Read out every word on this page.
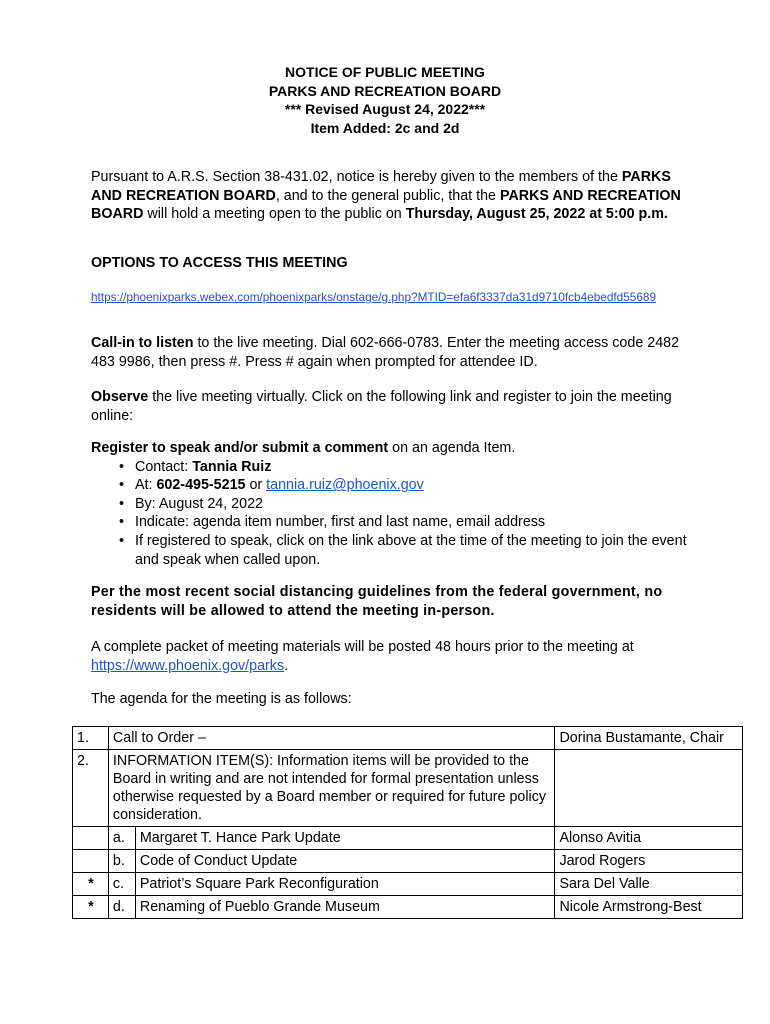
NOTICE OF PUBLIC MEETING
PARKS AND RECREATION BOARD
*** Revised August 24, 2022***
Item Added: 2c and 2d
Pursuant to A.R.S. Section 38-431.02, notice is hereby given to the members of the PARKS AND RECREATION BOARD, and to the general public, that the PARKS AND RECREATION BOARD will hold a meeting open to the public on Thursday, August 25, 2022 at 5:00 p.m.
OPTIONS TO ACCESS THIS MEETING
https://phoenixparks.webex.com/phoenixparks/onstage/g.php?MTID=efa6f3337da31d9710fcb4ebedfd55689
Call-in to listen to the live meeting. Dial 602-666-0783. Enter the meeting access code 2482 483 9986, then press #. Press # again when prompted for attendee ID.
Observe the live meeting virtually. Click on the following link and register to join the meeting online:
Register to speak and/or submit a comment on an agenda Item.
• Contact: Tannia Ruiz
• At: 602-495-5215 or tannia.ruiz@phoenix.gov
• By: August 24, 2022
• Indicate: agenda item number, first and last name, email address
• If registered to speak, click on the link above at the time of the meeting to join the event and speak when called upon.
Per the most recent social distancing guidelines from the federal government, no residents will be allowed to attend the meeting in-person.
A complete packet of meeting materials will be posted 48 hours prior to the meeting at https://www.phoenix.gov/parks.
The agenda for the meeting is as follows:
1.	Call to Order –		Dorina Bustamante, Chair
2.	INFORMATION ITEM(S): Information items will be provided to the Board in writing and are not intended for formal presentation unless otherwise requested by a Board member or required for future policy consideration.		
	a.	Margaret T. Hance Park Update	Alonso Avitia
	b.	Code of Conduct Update	Jarod Rogers
*	c.	Patriot’s Square Park Reconfiguration	Sara Del Valle
*	d.	Renaming of Pueblo Grande Museum	Nicole Armstrong-Best
